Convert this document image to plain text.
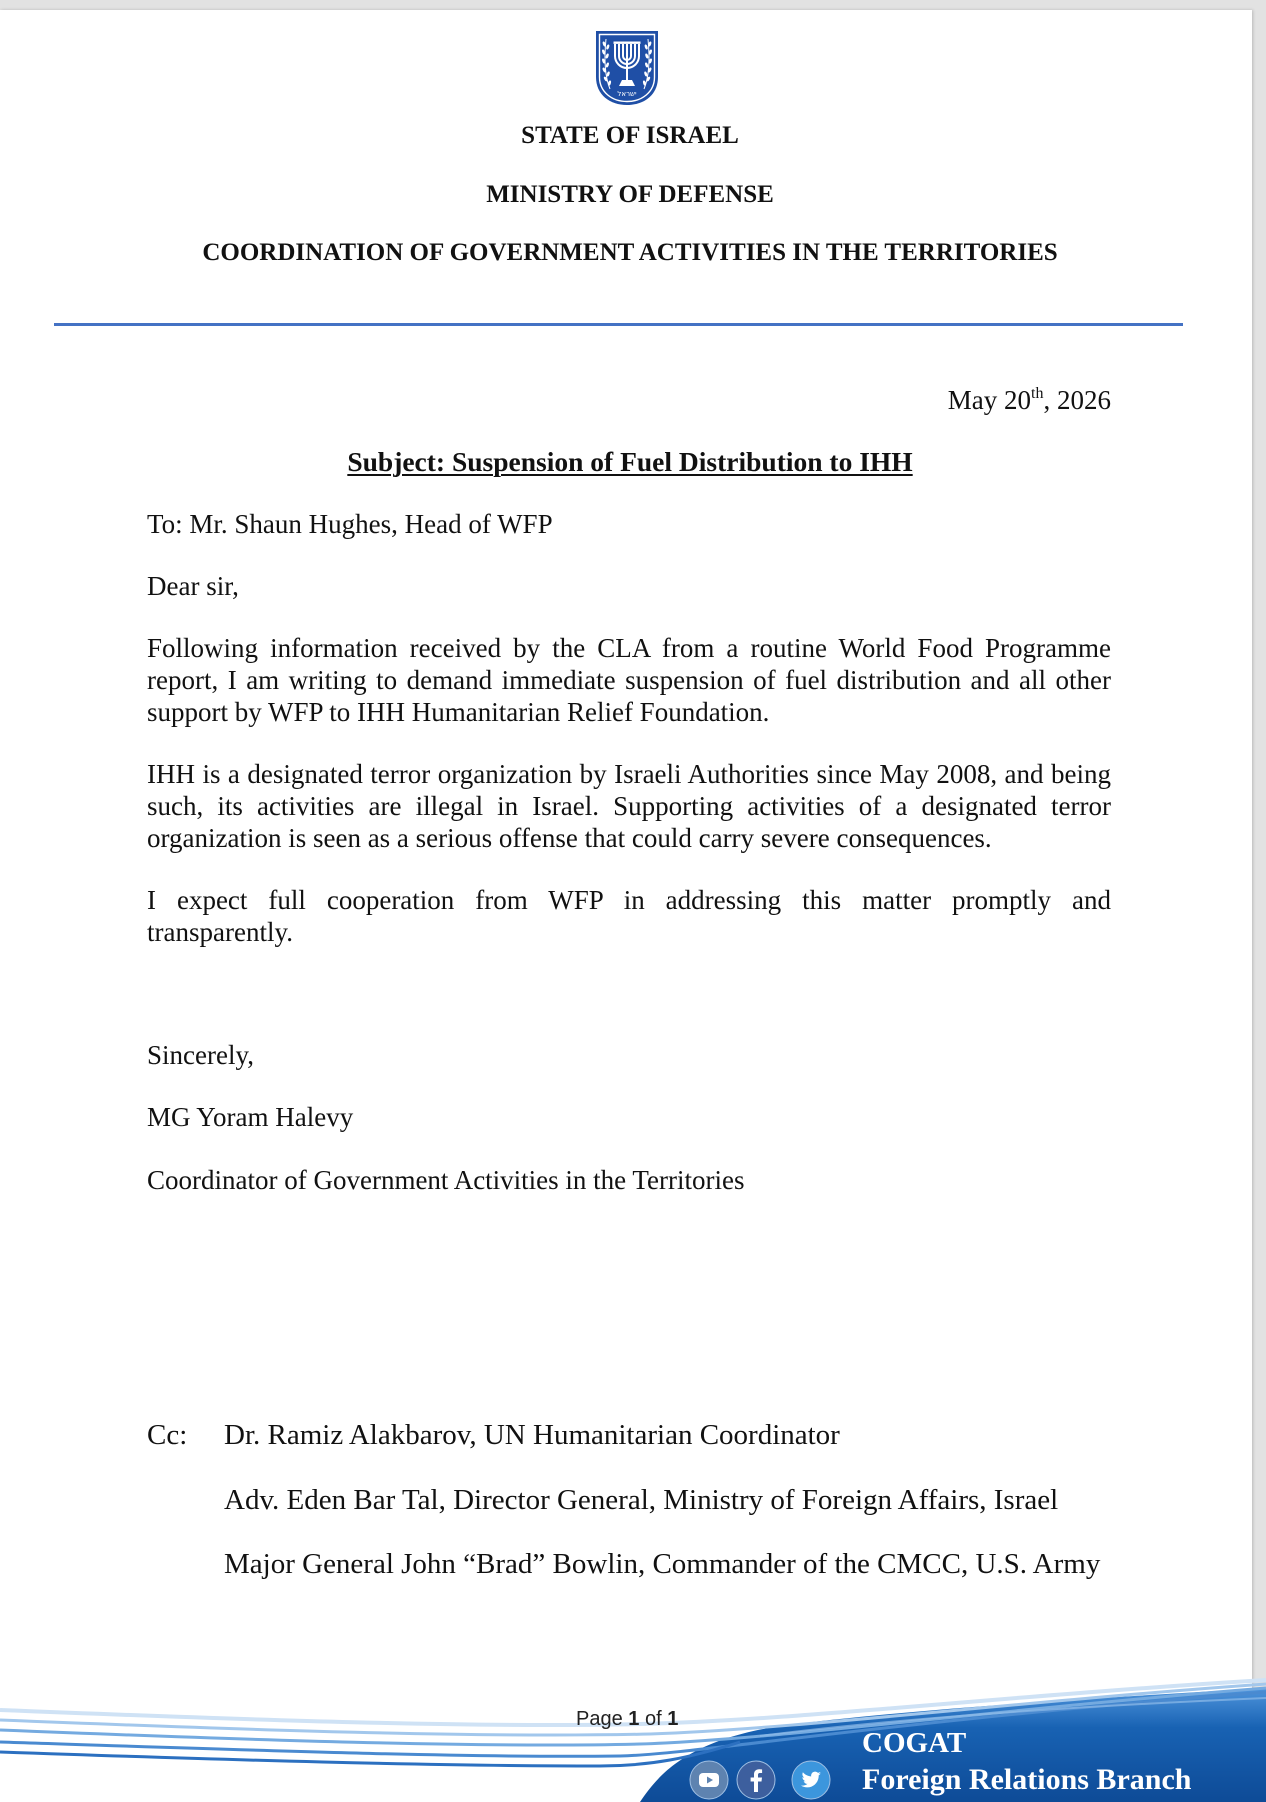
ישראל
STATE OF ISRAEL
MINISTRY OF DEFENSE
COORDINATION OF GOVERNMENT ACTIVITIES IN THE TERRITORIES
May 20th, 2026
Subject: Suspension of Fuel Distribution to IHH
To: Mr. Shaun Hughes, Head of WFP
Dear sir,
Following information received by the CLA from a routine World Food Programme
report, I am writing to demand immediate suspension of fuel distribution and all other
support by WFP to IHH Humanitarian Relief Foundation.
IHH is a designated terror organization by Israeli Authorities since May 2008, and being
such, its activities are illegal in Israel. Supporting activities of a designated terror
organization is seen as a serious offense that could carry severe consequences.
I expect full cooperation from WFP in addressing this matter promptly and
transparently.
Sincerely,
MG Yoram Halevy
Coordinator of Government Activities in the Territories
Cc: Dr. Ramiz Alakbarov, UN Humanitarian Coordinator
Adv. Eden Bar Tal, Director General, Ministry of Foreign Affairs, Israel
Major General John “Brad” Bowlin, Commander of the CMCC, U.S. Army
Page 1 of 1
COGAT
Foreign Relations Branch
